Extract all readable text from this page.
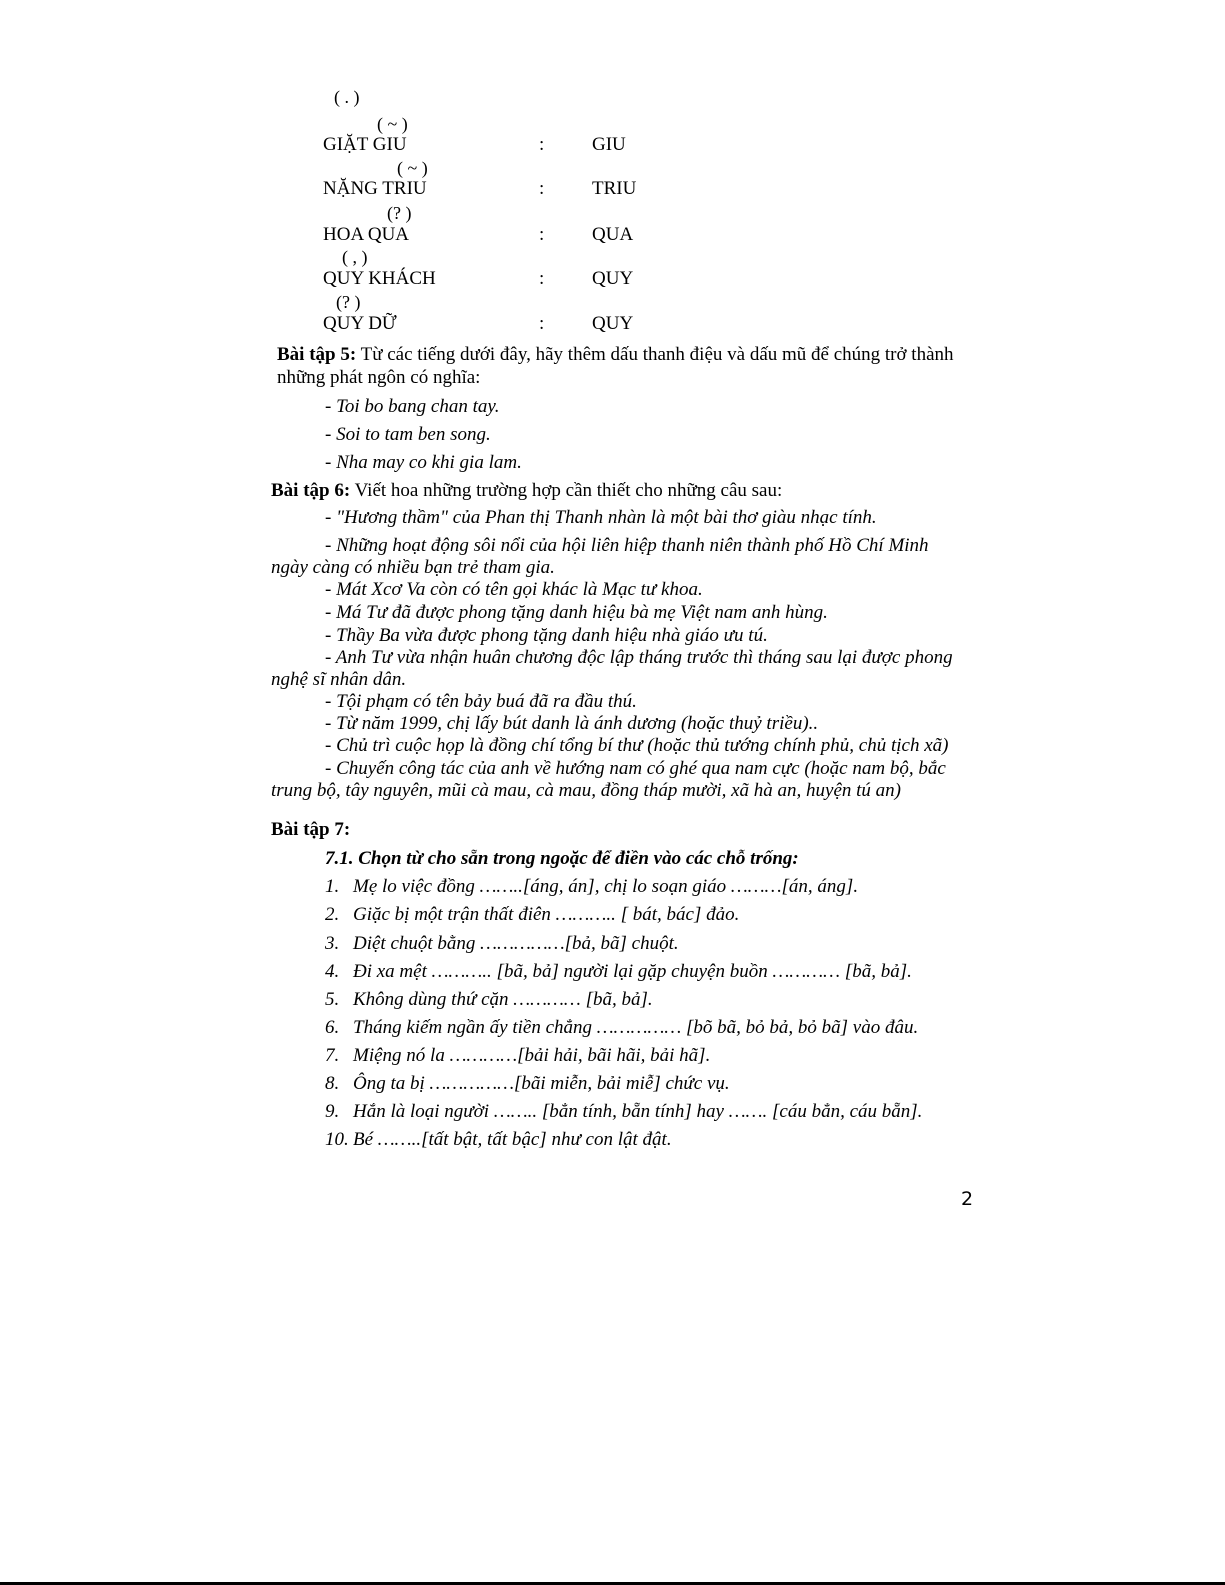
( . )
( ~ )
GIẶT GIU	:	GIU
( ~ )
NẶNG TRIU	:	TRIU
(? )
HOA QUA	:	QUA
( , )
QUY KHÁCH	:	QUY
(? )
QUY DỮ	:	QUY
Bài tập 5: Từ các tiếng dưới đây, hãy thêm dấu thanh điệu và dấu mũ để chúng trở thành
những phát ngôn có nghĩa:
- Toi bo bang chan tay.
- Soi to tam ben song.
- Nha may co khi gia lam.
Bài tập 6: Viết hoa những trường hợp cần thiết cho những câu sau:
- "Hương thầm" của Phan thị Thanh nhàn là một bài thơ giàu nhạc tính.
- Những hoạt động sôi nổi của hội liên hiệp thanh niên thành phố Hồ Chí Minh
ngày càng có nhiều bạn trẻ tham gia.
- Mát Xcơ Va còn có tên gọi khác là Mạc tư khoa.
- Má Tư đã được phong tặng danh hiệu bà mẹ Việt nam anh hùng.
- Thầy Ba vừa được phong tặng danh hiệu nhà giáo ưu tú.
- Anh Tư vừa nhận huân chương độc lập tháng trước thì tháng sau lại được phong
nghệ sĩ nhân dân.
- Tội phạm có tên bảy buá đã ra đầu thú.
- Từ năm 1999, chị lấy bút danh là ánh dương (hoặc thuỷ triều)..
- Chủ trì cuộc họp là đồng chí tổng bí thư (hoặc thủ tướng chính phủ, chủ tịch xã)
- Chuyến công tác của anh về hướng nam có ghé qua nam cực (hoặc nam bộ, bắc
trung bộ, tây nguyên, mũi cà mau, cà mau, đồng tháp mười, xã hà an, huyện tú an)
Bài tập 7:
7.1. Chọn từ cho sẵn trong ngoặc để điền vào các chỗ trống:
1. Mẹ lo việc đồng ……..[áng, án], chị lo soạn giáo ………[án, áng].
2. Giặc bị một trận thất điên ……….. [ bát, bác] đảo.
3. Diệt chuột bằng ……………[bả, bã] chuột.
4. Đi xa mệt ……….. [bã, bả] người lại gặp chuyện buồn ………… [bã, bả].
5. Không dùng thứ cặn ………… [bã, bả].
6. Tháng kiếm ngần ấy tiền chẳng …………… [bõ bã, bỏ bả, bỏ bã] vào đâu.
7. Miệng nó la …………[bải hải, bãi hãi, bải hã].
8. Ông ta bị ……………[bãi miễn, bải miễ] chức vụ.
9. Hắn là loại người …….. [bẳn tính, bẵn tính] hay ……. [cáu bẳn, cáu bẵn].
10. Bé ……..[tất bật, tất bậc] như con lật đật.
2
